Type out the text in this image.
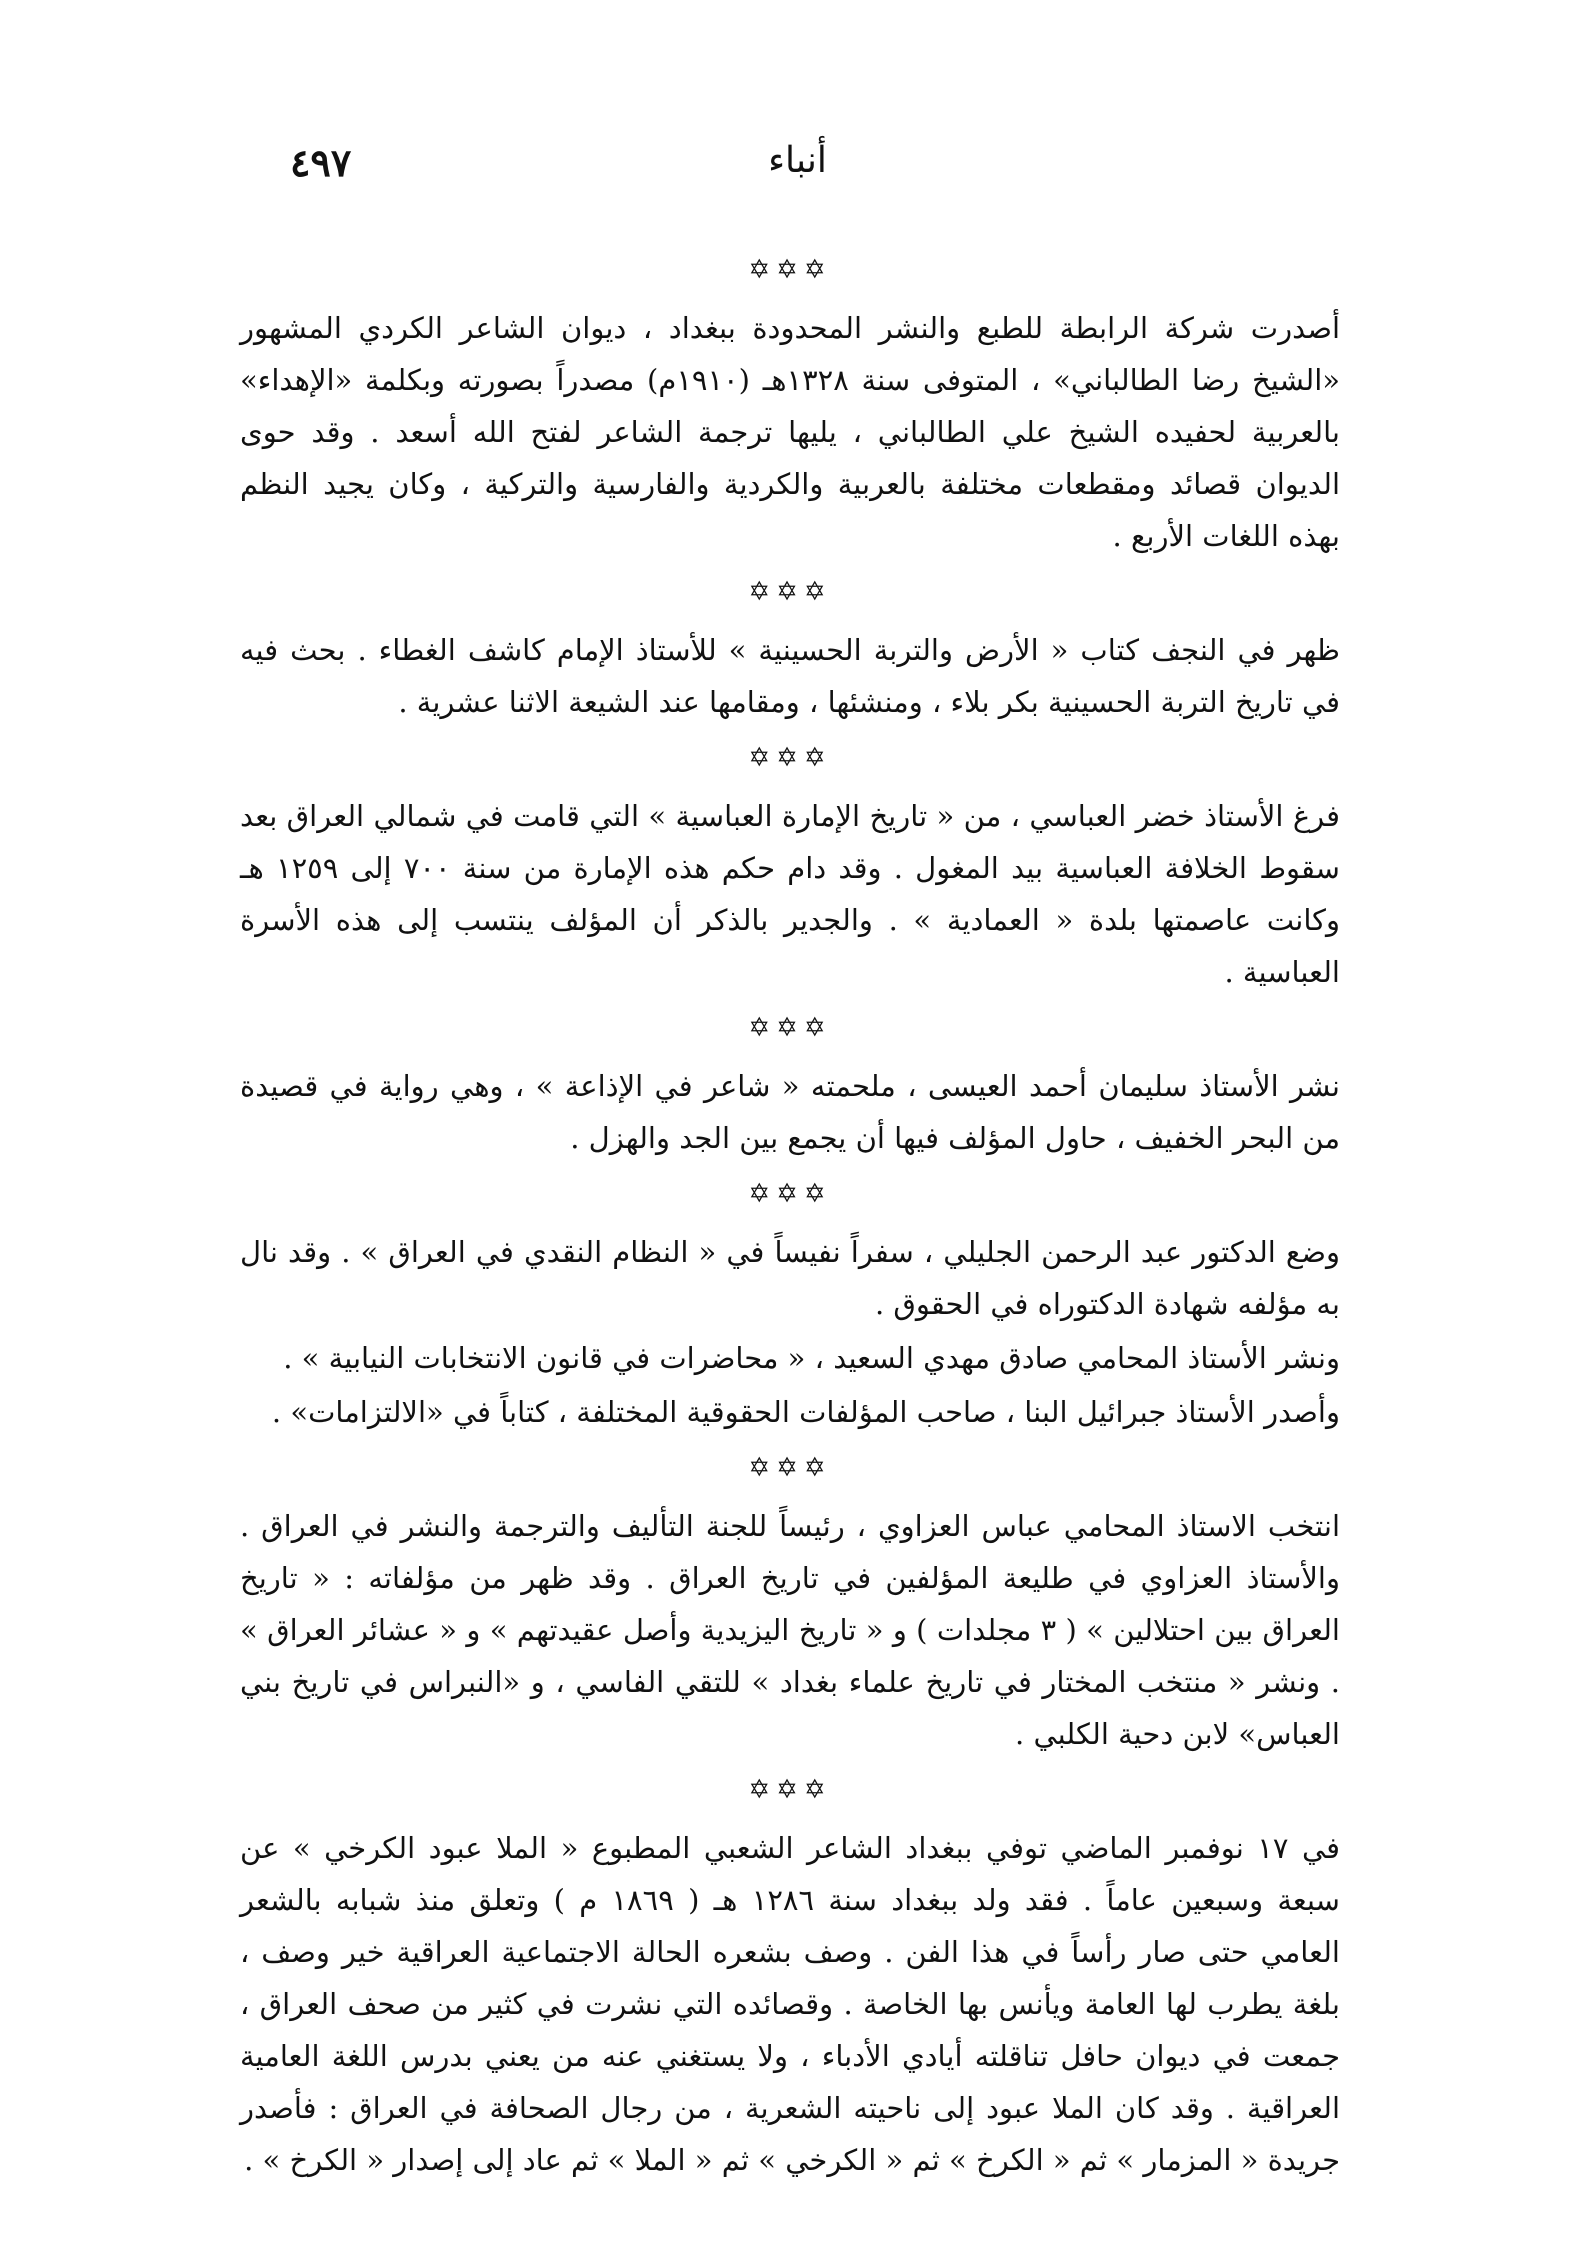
٤٩٧	أنباء
✡✡✡

أصدرت شركة الرابطة للطبع والنشر المحدودة ببغداد ، ديوان الشاعر الكردي المشهور «الشيخ رضا الطالباني» ، المتوفى سنة ١٣٢٨هـ (١٩١٠م) مصدراً بصورته وبكلمة «الإهداء» بالعربية لحفيده الشيخ علي الطالباني ، يليها ترجمة الشاعر لفتح الله أسعد . وقد حوى الديوان قصائد ومقطعات مختلفة بالعربية والكردية والفارسية والتركية ، وكان يجيد النظم بهذه اللغات الأربع .

✡✡✡

ظهر في النجف كتاب « الأرض والتربة الحسينية » للأستاذ الإمام كاشف الغطاء . بحث فيه في تاريخ التربة الحسينية بكر بلاء ، ومنشئها ، ومقامها عند الشيعة الاثنا عشرية .

✡✡✡

فرغ الأستاذ خضر العباسي ، من « تاريخ الإمارة العباسية » التي قامت في شمالي العراق بعد سقوط الخلافة العباسية بيد المغول . وقد دام حكم هذه الإمارة من سنة ٧٠٠ إلى ١٢٥٩ هـ وكانت عاصمتها بلدة « العمادية » . والجدير بالذكر أن المؤلف ينتسب إلى هذه الأسرة العباسية .

✡✡✡

نشر الأستاذ سليمان أحمد العيسى ، ملحمته « شاعر في الإذاعة » ، وهي رواية في قصيدة من البحر الخفيف ، حاول المؤلف فيها أن يجمع بين الجد والهزل .

✡✡✡

وضع الدكتور عبد الرحمن الجليلي ، سفراً نفيساً في « النظام النقدي في العراق » . وقد نال به مؤلفه شهادة الدكتوراه في الحقوق .

ونشر الأستاذ المحامي صادق مهدي السعيد ، « محاضرات في قانون الانتخابات النيابية » .

وأصدر الأستاذ جبرائيل البنا ، صاحب المؤلفات الحقوقية المختلفة ، كتاباً في «الالتزامات» .

✡✡✡

انتخب الاستاذ المحامي عباس العزاوي ، رئيساً للجنة التأليف والترجمة والنشر في العراق . والأستاذ العزاوي في طليعة المؤلفين في تاريخ العراق . وقد ظهر من مؤلفاته : « تاريخ العراق بين احتلالين » ( ٣ مجلدات ) و « تاريخ اليزيدية وأصل عقيدتهم » و « عشائر العراق » . ونشر « منتخب المختار في تاريخ علماء بغداد » للتقي الفاسي ، و «النبراس في تاريخ بني العباس» لابن دحية الكلبي .

✡✡✡

في ١٧ نوفمبر الماضي توفي ببغداد الشاعر الشعبي المطبوع « الملا عبود الكرخي » عن سبعة وسبعين عاماً . فقد ولد ببغداد سنة ١٢٨٦ هـ ( ١٨٦٩ م ) وتعلق منذ شبابه بالشعر العامي حتى صار رأساً في هذا الفن . وصف بشعره الحالة الاجتماعية العراقية خير وصف ، بلغة يطرب لها العامة ويأنس بها الخاصة . وقصائده التي نشرت في كثير من صحف العراق ، جمعت في ديوان حافل تناقلته أيادي الأدباء ، ولا يستغني عنه من يعني بدرس اللغة العامية العراقية . وقد كان الملا عبود إلى ناحيته الشعرية ، من رجال الصحافة في العراق : فأصدر جريدة « المزمار » ثم « الكرخ » ثم « الكرخي » ثم « الملا » ثم عاد إلى إصدار « الكرخ » .
